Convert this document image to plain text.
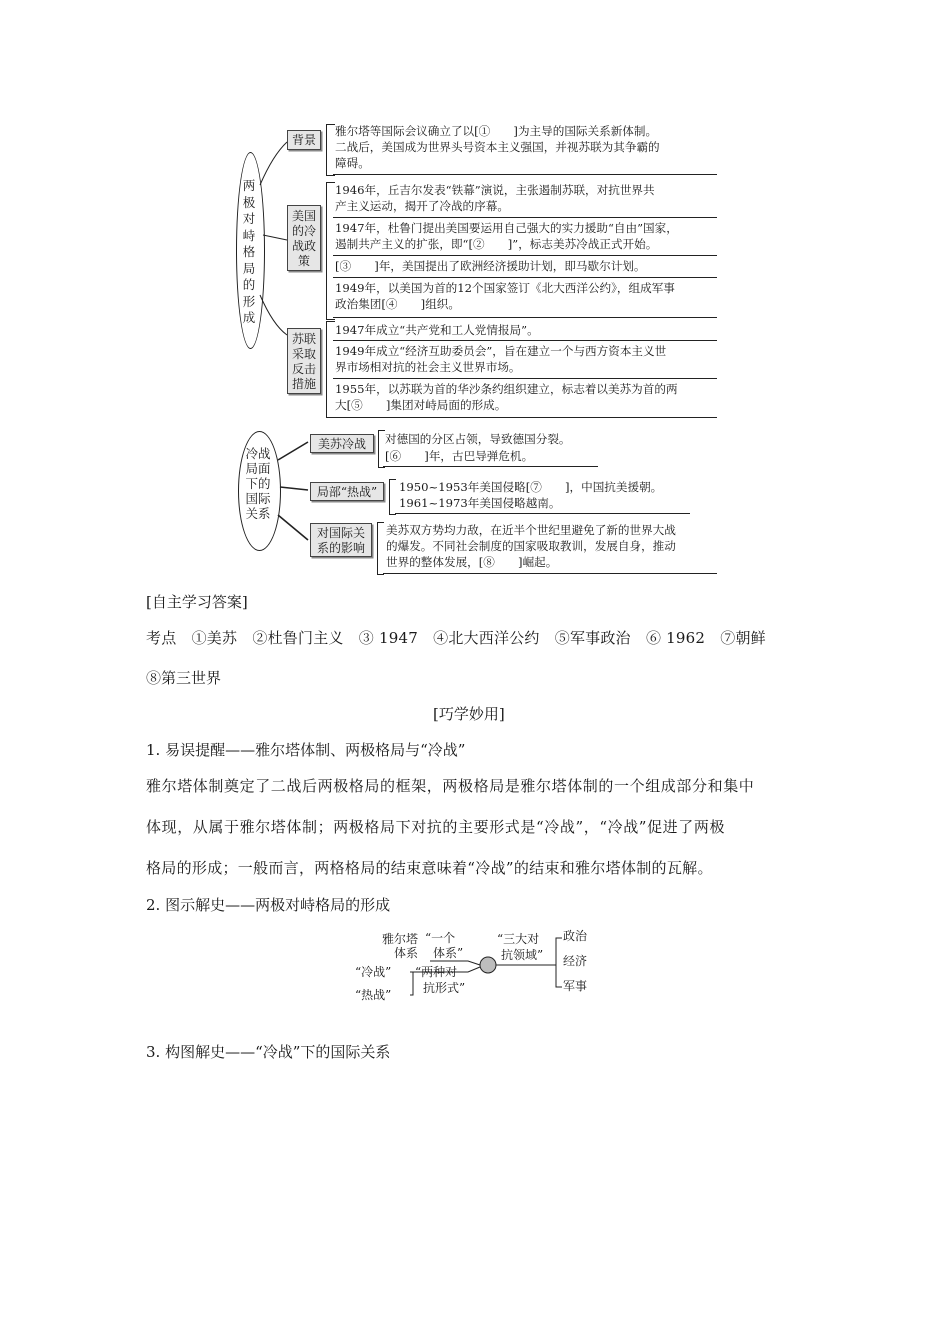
两极对峙格局的形成
背景
雅尔塔等国际会议确立了以[①　　]为主导的国际关系新体制。
二战后，美国成为世界头号资本主义强国，并视苏联为其争霸的
障碍。
美国的冷战政策
1946年，丘吉尔发表“铁幕”演说，主张遏制苏联，对抗世界共
产主义运动，揭开了冷战的序幕。
1947年，杜鲁门提出美国要运用自己强大的实力援助“自由”国家，
遏制共产主义的扩张，即“[②　　]”，标志美苏冷战正式开始。
[③　　]年，美国提出了欧洲经济援助计划，即马歇尔计划。
1949年，以美国为首的12个国家签订《北大西洋公约》，组成军事
政治集团[④　　]组织。
苏联采取反击措施
1947年成立“共产党和工人党情报局”。
1949年成立“经济互助委员会”，旨在建立一个与西方资本主义世
界市场相对抗的社会主义世界市场。
1955年，以苏联为首的华沙条约组织建立，标志着以美苏为首的两
大[⑤　　]集团对峙局面的形成。
冷战
局面
下的
国际
关系
美苏冷战	对德国的分区占领，导致德国分裂。
[⑥　　]年，古巴导弹危机。
局部“热战”	1950~1953年美国侵略[⑦　　]，中国抗美援朝。
1961~1973年美国侵略越南。
对国际关系的影响
美苏双方势均力敌，在近半个世纪里避免了新的世界大战
的爆发。不同社会制度的国家吸取教训，发展自身，推动
世界的整体发展，[⑧　　]崛起。
[自主学习答案]
考点　①美苏　②杜鲁门主义　③ 1947　④北大西洋公约　⑤军事政治　⑥ 1962　⑦朝鲜
⑧第三世界
[巧学妙用]
1. 易误提醒——雅尔塔体制、两极格局与“冷战”
雅尔塔体制奠定了二战后两极格局的框架，两极格局是雅尔塔体制的一个组成部分和集中
体现，从属于雅尔塔体制；两极格局下对抗的主要形式是“冷战”，“冷战”促进了两极
格局的形成；一般而言，两格格局的结束意味着“冷战”的结束和雅尔塔体制的瓦解。
2. 图示解史——两极对峙格局的形成
雅尔塔
体系
“一个
体系”
“冷战”
“热战”
“两种对
抗形式”
“三大对
抗领域”
政治
经济
军事
3. 构图解史——“冷战”下的国际关系
